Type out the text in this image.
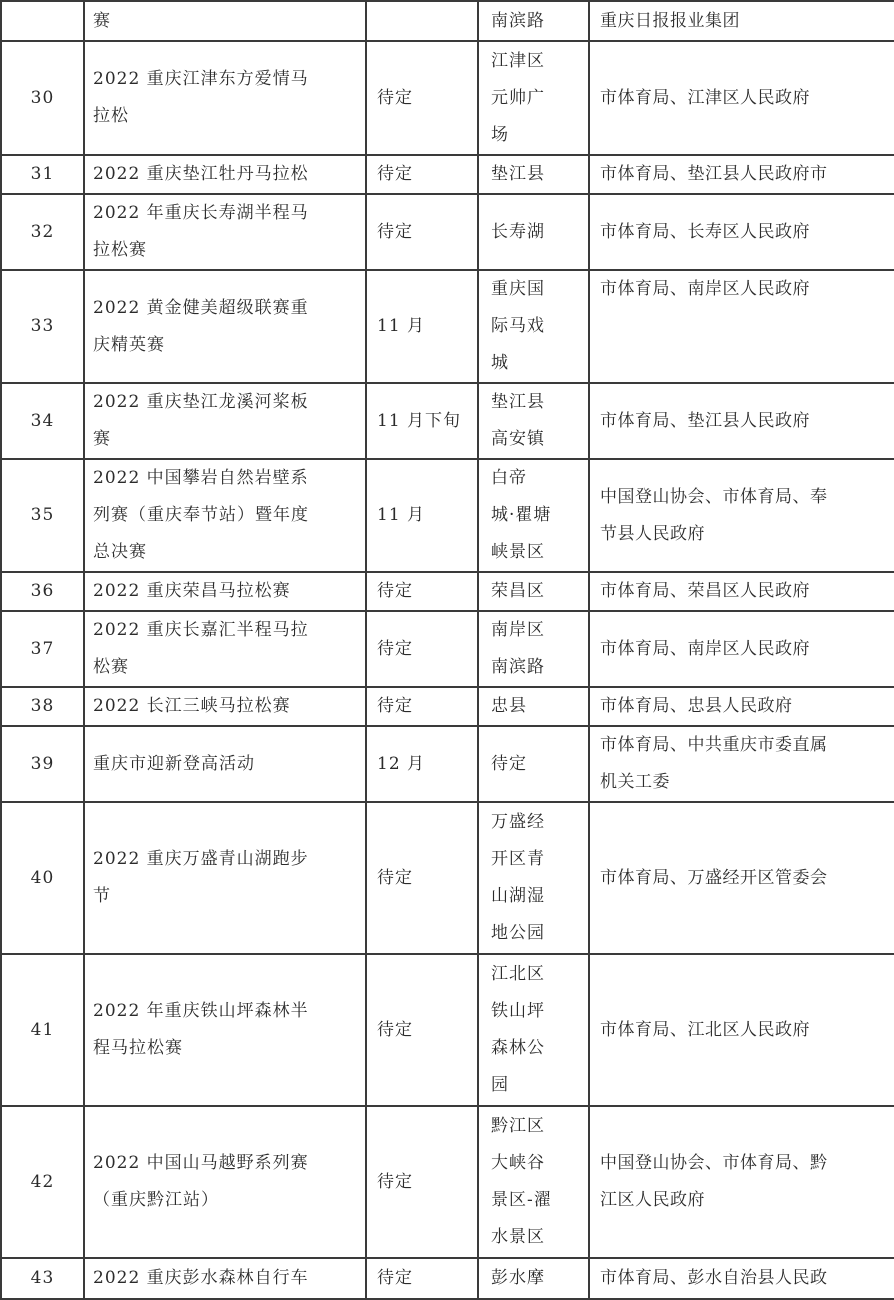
	赛		南滨路	重庆日报报业集团

30	2022 重庆江津东方爱情马
拉松	待定	江津区
元帅广
场	市体育局、江津区人民政府

31	2022 重庆垫江牡丹马拉松	待定	垫江县	市体育局、垫江县人民政府市

32	2022 年重庆长寿湖半程马
拉松赛	待定	长寿湖	市体育局、长寿区人民政府

33	2022 黄金健美超级联赛重
庆精英赛	11 月	重庆国
际马戏
城	市体育局、南岸区人民政府

34	2022 重庆垫江龙溪河桨板
赛	11 月下旬	垫江县
高安镇	市体育局、垫江县人民政府

35	2022 中国攀岩自然岩壁系
列赛（重庆奉节站）暨年度
总决赛	11 月	白帝
城·瞿塘
峡景区	中国登山协会、市体育局、奉
节县人民政府

36	2022 重庆荣昌马拉松赛	待定	荣昌区	市体育局、荣昌区人民政府

37	2022 重庆长嘉汇半程马拉
松赛	待定	南岸区
南滨路	市体育局、南岸区人民政府

38	2022 长江三峡马拉松赛	待定	忠县	市体育局、忠县人民政府

39	重庆市迎新登高活动	12 月	待定	市体育局、中共重庆市委直属
机关工委

40	2022 重庆万盛青山湖跑步
节	待定	万盛经
开区青
山湖湿
地公园	市体育局、万盛经开区管委会

41	2022 年重庆铁山坪森林半
程马拉松赛	待定	江北区
铁山坪
森林公
园	市体育局、江北区人民政府

42	2022 中国山马越野系列赛
（重庆黔江站）	待定	黔江区
大峡谷
景区-濯
水景区	中国登山协会、市体育局、黔
江区人民政府

43	2022 重庆彭水森林自行车	待定	彭水摩	市体育局、彭水自治县人民政
